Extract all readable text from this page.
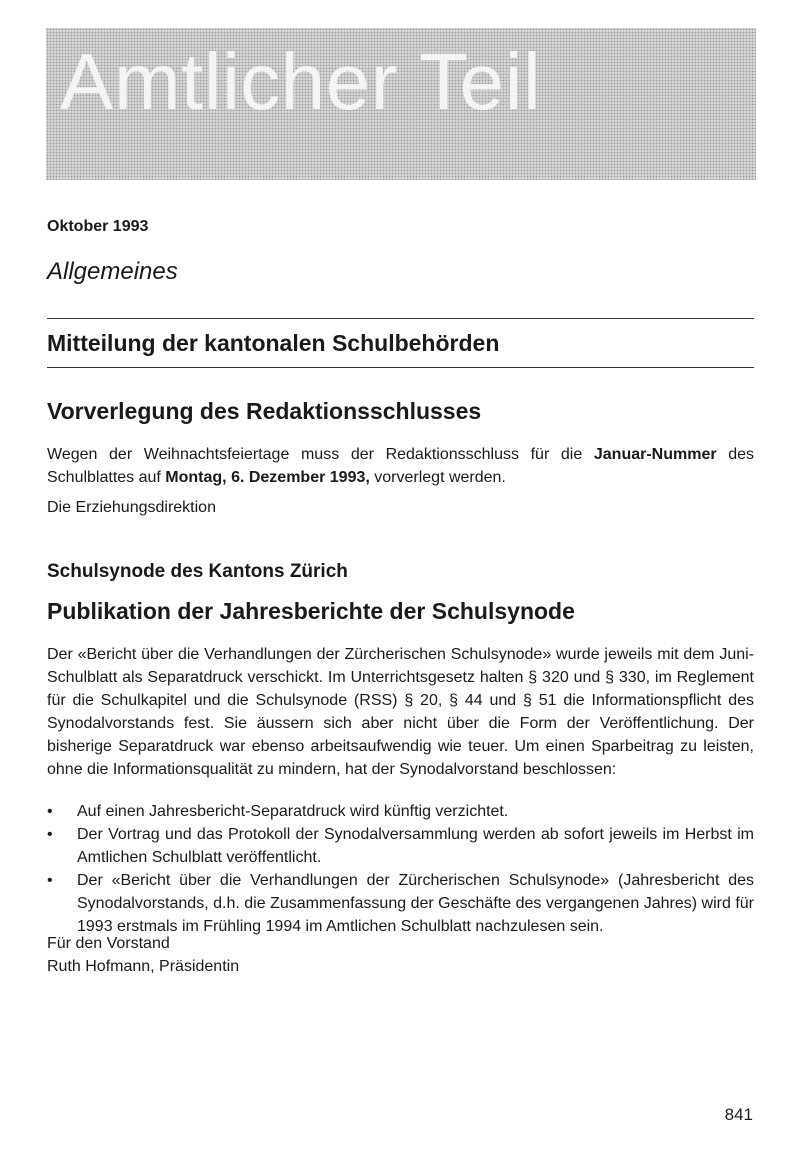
Amtlicher Teil
Oktober 1993
Allgemeines
Mitteilung der kantonalen Schulbehörden
Vorverlegung des Redaktionsschlusses
Wegen der Weihnachtsfeiertage muss der Redaktionsschluss für die Januar-Nummer des Schulblattes auf Montag, 6. Dezember 1993, vorverlegt werden.
Die Erziehungsdirektion
Schulsynode des Kantons Zürich
Publikation der Jahresberichte der Schulsynode
Der «Bericht über die Verhandlungen der Zürcherischen Schulsynode» wurde jeweils mit dem Juni-Schulblatt als Separatdruck verschickt. Im Unterrichtsgesetz halten § 320 und § 330, im Reglement für die Schulkapitel und die Schulsynode (RSS) § 20, § 44 und § 51 die Informationspflicht des Synodalvorstands fest. Sie äussern sich aber nicht über die Form der Veröffentlichung. Der bisherige Separatdruck war ebenso arbeitsaufwendig wie teuer. Um einen Sparbeitrag zu leisten, ohne die Informationsqualität zu mindern, hat der Synodalvorstand beschlossen:
• Auf einen Jahresbericht-Separatdruck wird künftig verzichtet.
• Der Vortrag und das Protokoll der Synodalversammlung werden ab sofort jeweils im Herbst im Amtlichen Schulblatt veröffentlicht.
• Der «Bericht über die Verhandlungen der Zürcherischen Schulsynode» (Jahresbericht des Synodalvorstands, d.h. die Zusammenfassung der Geschäfte des vergangenen Jahres) wird für 1993 erstmals im Frühling 1994 im Amtlichen Schulblatt nachzulesen sein.
Für den Vorstand
Ruth Hofmann, Präsidentin
841
